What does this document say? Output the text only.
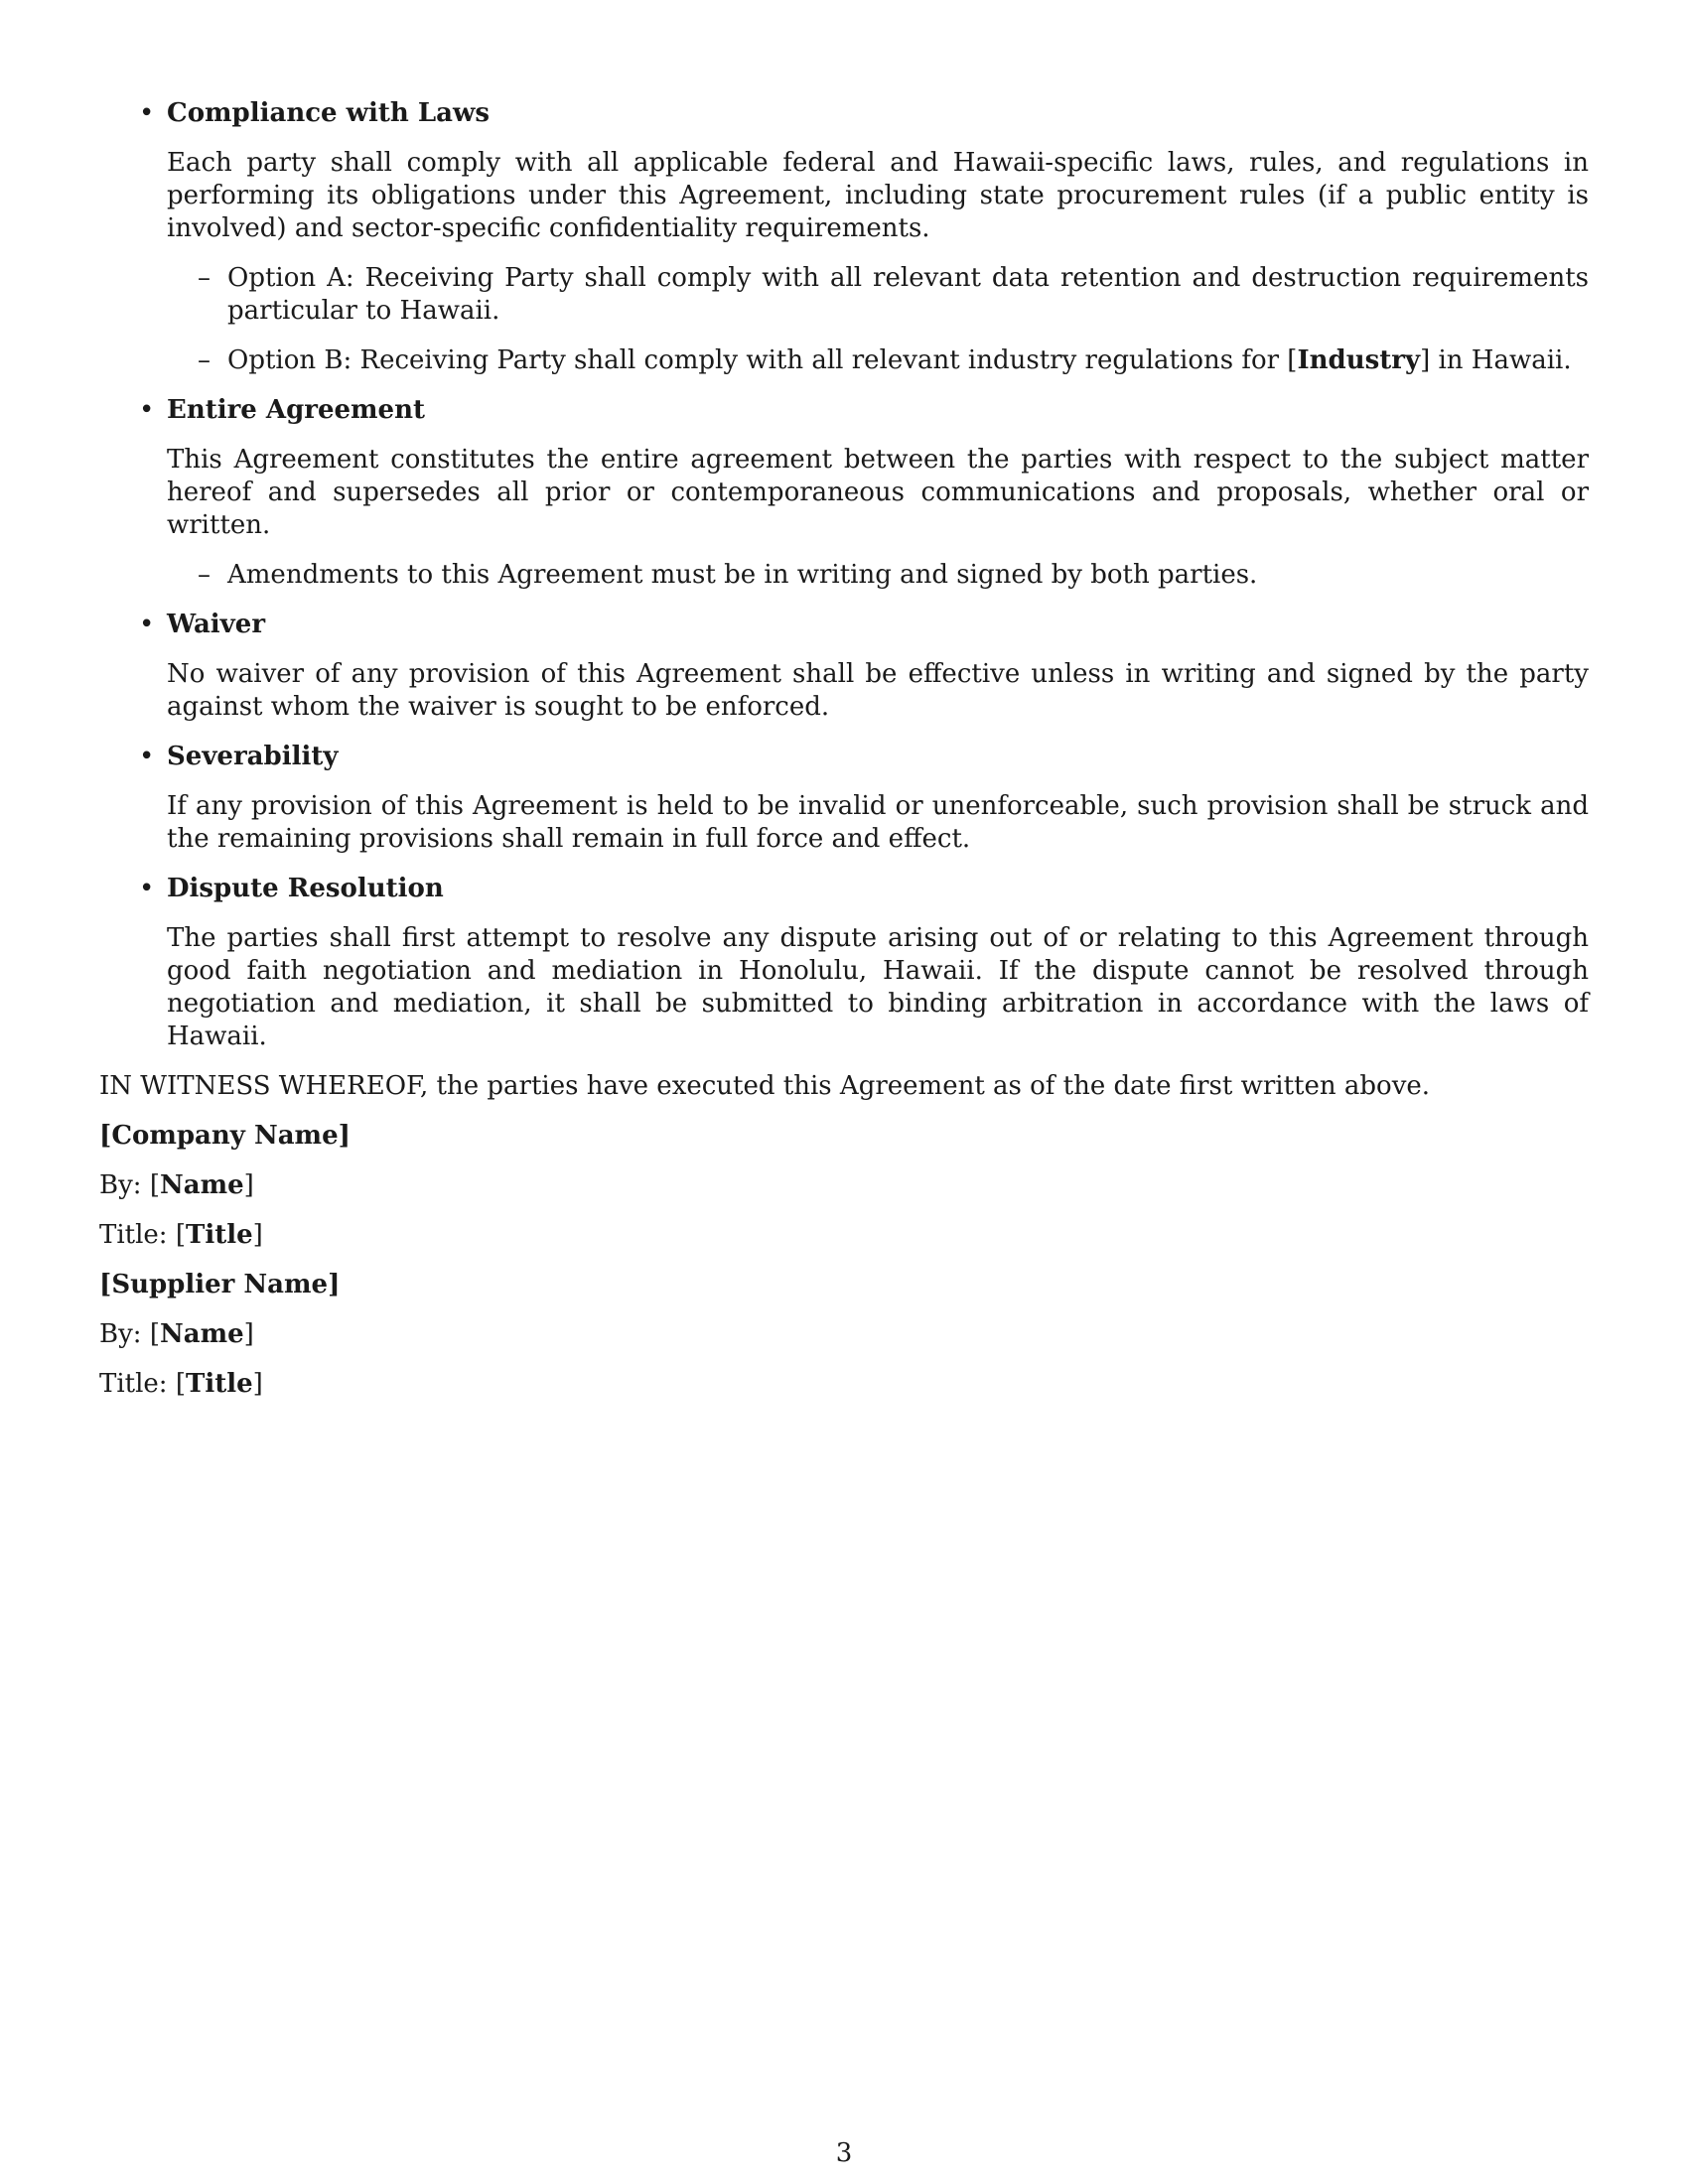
• Compliance with Laws

Each party shall comply with all applicable federal and Hawaii-specific laws, rules, and regulations in performing its obligations under this Agreement, including state procurement rules (if a public entity is involved) and sector-specific confidentiality requirements.

– Option A: Receiving Party shall comply with all relevant data retention and destruction requirements particular to Hawaii.

– Option B: Receiving Party shall comply with all relevant industry regulations for [Industry] in Hawaii.

• Entire Agreement

This Agreement constitutes the entire agreement between the parties with respect to the subject matter hereof and supersedes all prior or contemporaneous communications and proposals, whether oral or written.

– Amendments to this Agreement must be in writing and signed by both parties.

• Waiver

No waiver of any provision of this Agreement shall be effective unless in writing and signed by the party against whom the waiver is sought to be enforced.

• Severability

If any provision of this Agreement is held to be invalid or unenforceable, such provision shall be struck and the remaining provisions shall remain in full force and effect.

• Dispute Resolution

The parties shall first attempt to resolve any dispute arising out of or relating to this Agreement through good faith negotiation and mediation in Honolulu, Hawaii. If the dispute cannot be resolved through negotiation and mediation, it shall be submitted to binding arbitration in accordance with the laws of Hawaii.

IN WITNESS WHEREOF, the parties have executed this Agreement as of the date first written above.

[Company Name]

By: [Name]

Title: [Title]

[Supplier Name]

By: [Name]

Title: [Title]

3
